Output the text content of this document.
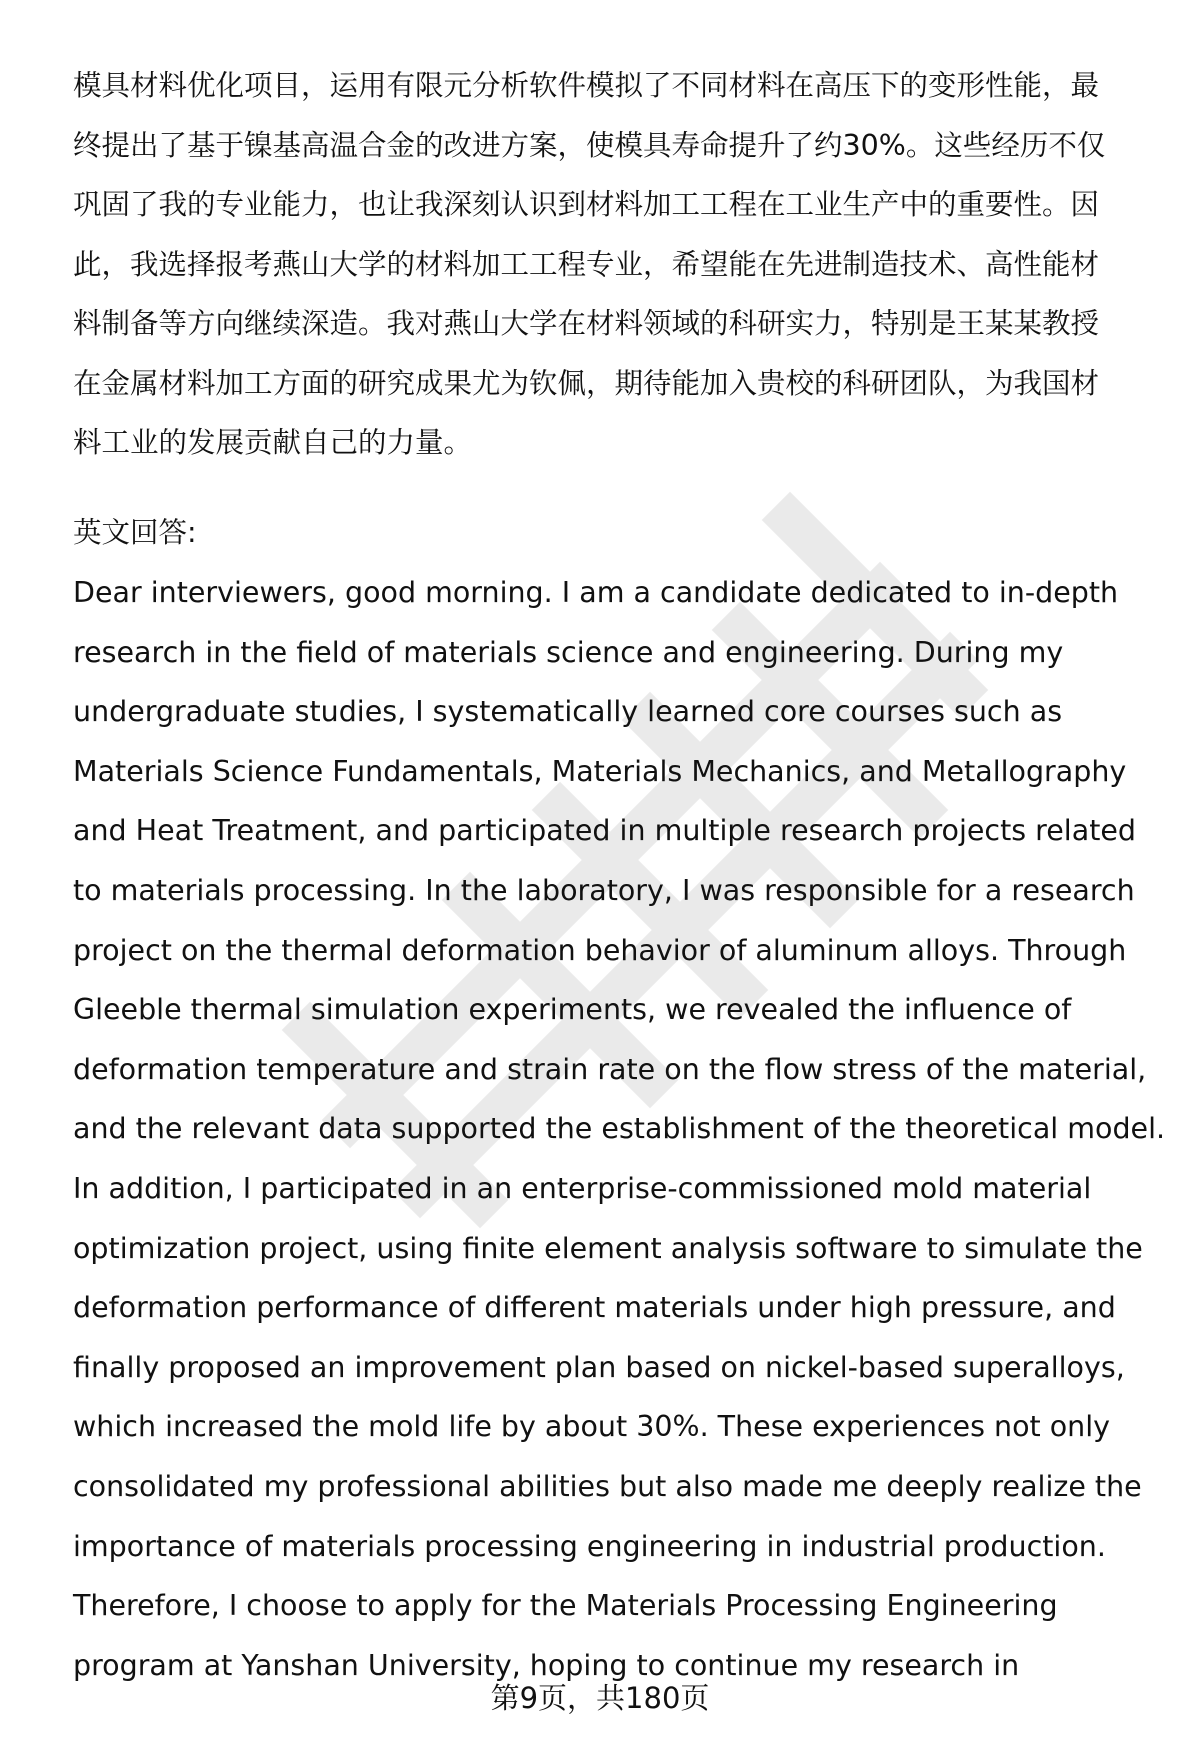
模具材料优化项目，运用有限元分析软件模拟了不同材料在高压下的变形性能，最
终提出了基于镍基高温合金的改进方案，使模具寿命提升了约30%。这些经历不仅
巩固了我的专业能力，也让我深刻认识到材料加工工程在工业生产中的重要性。因
此，我选择报考燕山大学的材料加工工程专业，希望能在先进制造技术、高性能材
料制备等方向继续深造。我对燕山大学在材料领域的科研实力，特别是王某某教授
在金属材料加工方面的研究成果尤为钦佩，期待能加入贵校的科研团队，为我国材
料工业的发展贡献自己的力量。
英文回答:
Dear interviewers, good morning. I am a candidate dedicated to in-depth
research in the field of materials science and engineering. During my
undergraduate studies, I systematically learned core courses such as
Materials Science Fundamentals, Materials Mechanics, and Metallography
and Heat Treatment, and participated in multiple research projects related
to materials processing. In the laboratory, I was responsible for a research
project on the thermal deformation behavior of aluminum alloys. Through
Gleeble thermal simulation experiments, we revealed the influence of
deformation temperature and strain rate on the flow stress of the material,
and the relevant data supported the establishment of the theoretical model.
In addition, I participated in an enterprise-commissioned mold material
optimization project, using finite element analysis software to simulate the
deformation performance of different materials under high pressure, and
finally proposed an improvement plan based on nickel-based superalloys,
which increased the mold life by about 30%. These experiences not only
consolidated my professional abilities but also made me deeply realize the
importance of materials processing engineering in industrial production.
Therefore, I choose to apply for the Materials Processing Engineering
program at Yanshan University, hoping to continue my research in
第9页，共180页
